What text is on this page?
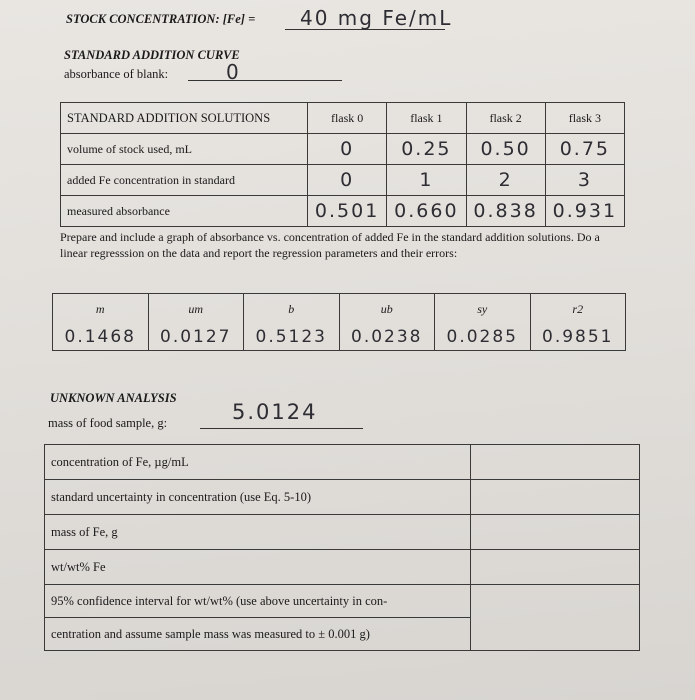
STOCK CONCENTRATION: [Fe] = 40 mg Fe/mL
STANDARD ADDITION CURVE
absorbance of blank:	0
STANDARD ADDITION SOLUTIONS	flask 0	flask 1	flask 2	flask 3
volume of stock used, mL	0	0.25	0.50	0.75
added Fe concentration in standard	0	1	2	3
measured absorbance	0.501	0.660	0.838	0.931
Prepare and include a graph of absorbance vs. concentration of added Fe in the standard addition solutions. Do a linear regresssion on the data and report the regression parameters and their errors:
m	um	b	ub	sy	r2
0.1468	0.0127	0.5123	0.0238	0.0285	0.9851
UNKNOWN ANALYSIS
mass of food sample, g:	5.0124
concentration of Fe, µg/mL	
standard uncertainty in concentration (use Eq. 5-10)	
mass of Fe, g	
wt/wt% Fe	
95% confidence interval for wt/wt% (use above uncertainty in con-	
centration and assume sample mass was measured to ± 0.001 g)	
